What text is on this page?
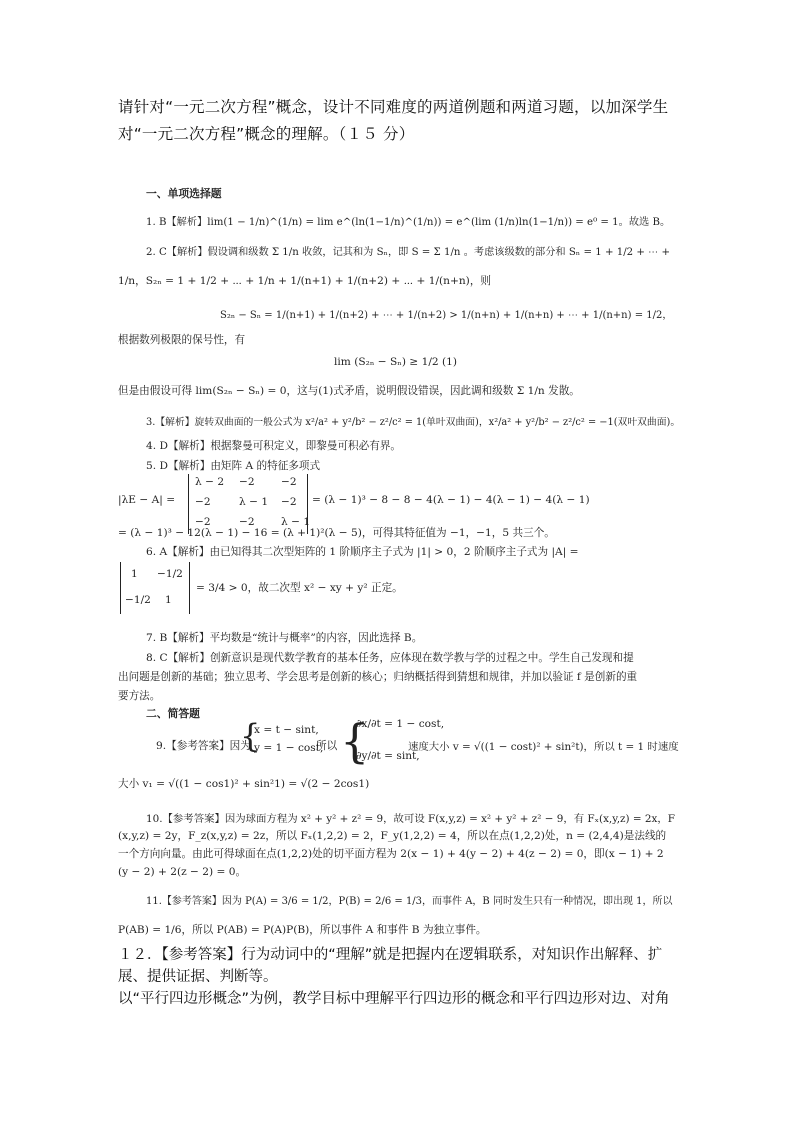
请针对“一元二次方程”概念，设计不同难度的两道例题和两道习题，以加深学生对“一元二次方程”概念的理解。（１５ 分）
一、单项选择题
1. B【解析】lim(1 − 1/n)^(1/n) = lim e^(ln(1−1/n)^(1/n)) = e^(lim (1/n)ln(1−1/n)) = e⁰ = 1。故选 B。
2. C【解析】假设调和级数 Σ 1/n 收敛，记其和为 Sₙ，即 S = Σ 1/n 。考虑该级数的部分和 Sₙ = 1 + 1/2 + ⋯ +
1/n，S₂ₙ = 1 + 1/2 + ⋯ + 1/n + 1/(n+1) + 1/(n+2) + ⋯ + 1/(n+n)，则
S₂ₙ − Sₙ = 1/(n+1) + 1/(n+2) + ⋯ + 1/(n+2) > 1/(n+n) + 1/(n+n) + ⋯ + 1/(n+n) = 1/2，
根据数列极限的保号性，有
lim (S₂ₙ − Sₙ) ≥ 1/2 (1)
但是由假设可得 lim(S₂ₙ − Sₙ) = 0，这与(1)式矛盾，说明假设错误，因此调和级数 Σ 1/n 发散。
3.【解析】旋转双曲面的一般公式为 x²/a² + y²/b² − z²/c² = 1(单叶双曲面)，x²/a² + y²/b² − z²/c² = −1(双叶双曲面)。
4. D【解析】根据黎曼可积定义，即黎曼可积必有界。
5. D【解析】由矩阵 A 的特征多项式
|λE − A| =
λ − 2 −2 −2
−2	λ − 1 −2
−2	−2 λ − 1
= (λ − 1)³ − 8 − 8 − 4(λ − 1) − 4(λ − 1) − 4(λ − 1)
= (λ − 1)³ − 12(λ − 1) − 16 = (λ + 1)²(λ − 5)，可得其特征值为 −1，−1，5 共三个。
6. A【解析】由已知得其二次型矩阵的 1 阶顺序主子式为 |1| > 0，2 阶顺序主子式为 |A| =
1 −1/2
−1/2 1
= 3/4 > 0，故二次型 x² − xy + y² 正定。
7. B【解析】平均数是“统计与概率”的内容，因此选择 B。
8. C【解析】创新意识是现代数学教育的基本任务，应体现在数学教与学的过程之中。学生自己发现和提
出问题是创新的基础；独立思考、学会思考是创新的核心；归纳概括得到猜想和规律，并加以验证 f 是创新的重
要方法。
二、简答题
9.【参考答案】因为
{
x = t − sint,
y = 1 − cost,
所以 {
∂x/∂t = 1 − cost,
∂y/∂t = sint,
速度大小 v = √((1 − cost)² + sin²t)，所以 t = 1 时速度
大小 v₁ = √((1 − cos1)² + sin²1) = √(2 − 2cos1)
10.【参考答案】因为球面方程为 x² + y² + z² = 9，故可设 F(x,y,z) = x² + y² + z² − 9，有 Fₓ(x,y,z) = 2x，F
(x,y,z) = 2y，F_z(x,y,z) = 2z，所以 Fₓ(1,2,2) = 2，F_y(1,2,2) = 4，所以在点(1,2,2)处，n = (2,4,4)是法线的
一个方向向量。由此可得球面在点(1,2,2)处的切平面方程为 2(x − 1) + 4(y − 2) + 4(z − 2) = 0，即(x − 1) + 2
(y − 2) + 2(z − 2) = 0。
11.【参考答案】因为 P(A) = 3/6 = 1/2，P(B) = 2/6 = 1/3，而事件 A，B 同时发生只有一种情况，即出现 1，所以
P(AB) = 1/6，所以 P(AB) = P(A)P(B)，所以事件 A 和事件 B 为独立事件。

１２．【参考答案】行为动词中的“理解”就是把握内在逻辑联系，对知识作出解释、扩展、提供证据、判断等。

以“平行四边形概念”为例，教学目标中理解平行四边形的概念和平行四边形对边、对角
